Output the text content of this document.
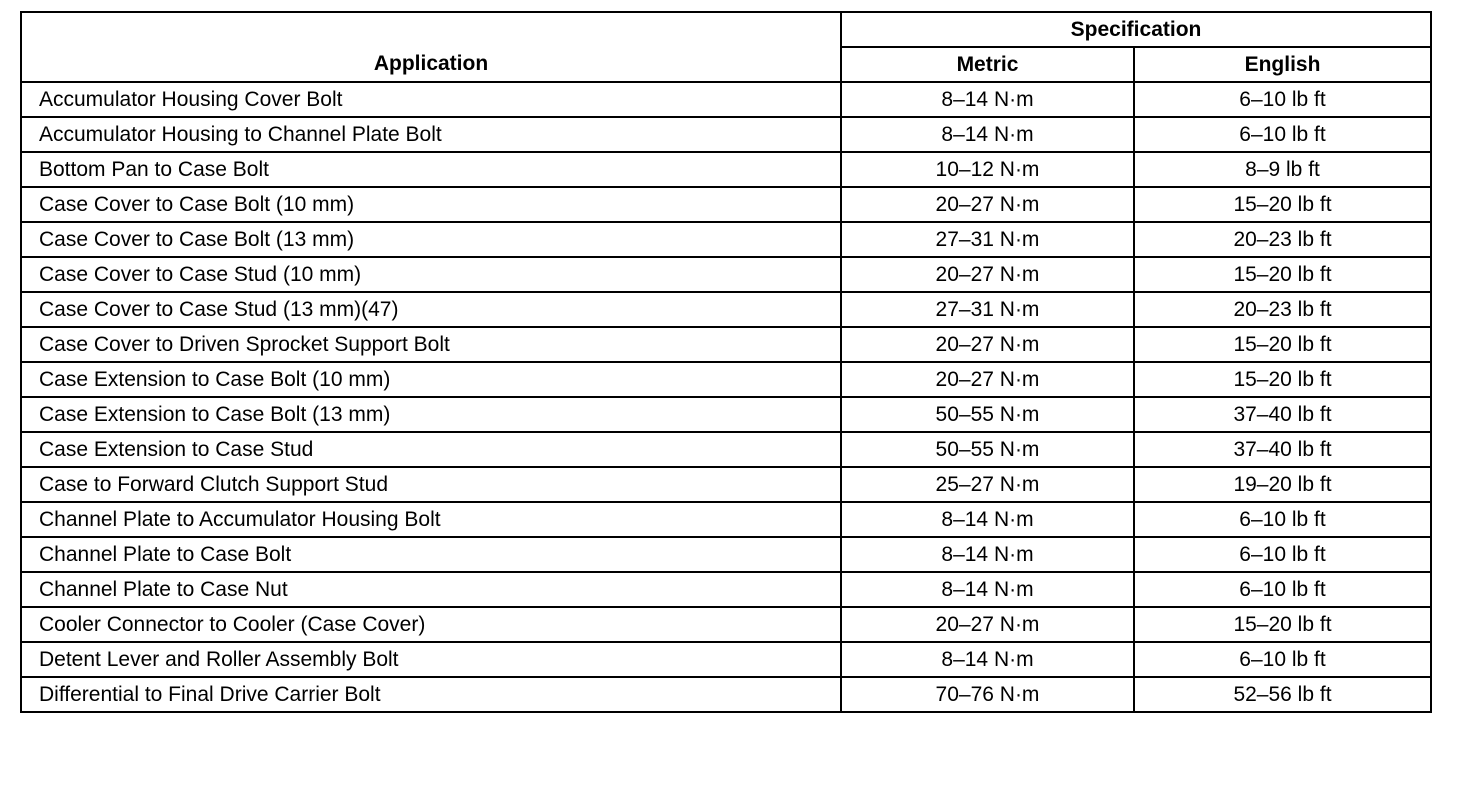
Application	Specification	
	Metric	English
Accumulator Housing Cover Bolt	8–14 N·m	6–10 lb ft
Accumulator Housing to Channel Plate Bolt	8–14 N·m	6–10 lb ft
Bottom Pan to Case Bolt	10–12 N·m	8–9 lb ft
Case Cover to Case Bolt (10 mm)	20–27 N·m	15–20 lb ft
Case Cover to Case Bolt (13 mm)	27–31 N·m	20–23 lb ft
Case Cover to Case Stud (10 mm)	20–27 N·m	15–20 lb ft
Case Cover to Case Stud (13 mm)(47)	27–31 N·m	20–23 lb ft
Case Cover to Driven Sprocket Support Bolt	20–27 N·m	15–20 lb ft
Case Extension to Case Bolt (10 mm)	20–27 N·m	15–20 lb ft
Case Extension to Case Bolt (13 mm)	50–55 N·m	37–40 lb ft
Case Extension to Case Stud	50–55 N·m	37–40 lb ft
Case to Forward Clutch Support Stud	25–27 N·m	19–20 lb ft
Channel Plate to Accumulator Housing Bolt	8–14 N·m	6–10 lb ft
Channel Plate to Case Bolt	8–14 N·m	6–10 lb ft
Channel Plate to Case Nut	8–14 N·m	6–10 lb ft
Cooler Connector to Cooler (Case Cover)	20–27 N·m	15–20 lb ft
Detent Lever and Roller Assembly Bolt	8–14 N·m	6–10 lb ft
Differential to Final Drive Carrier Bolt	70–76 N·m	52–56 lb ft
